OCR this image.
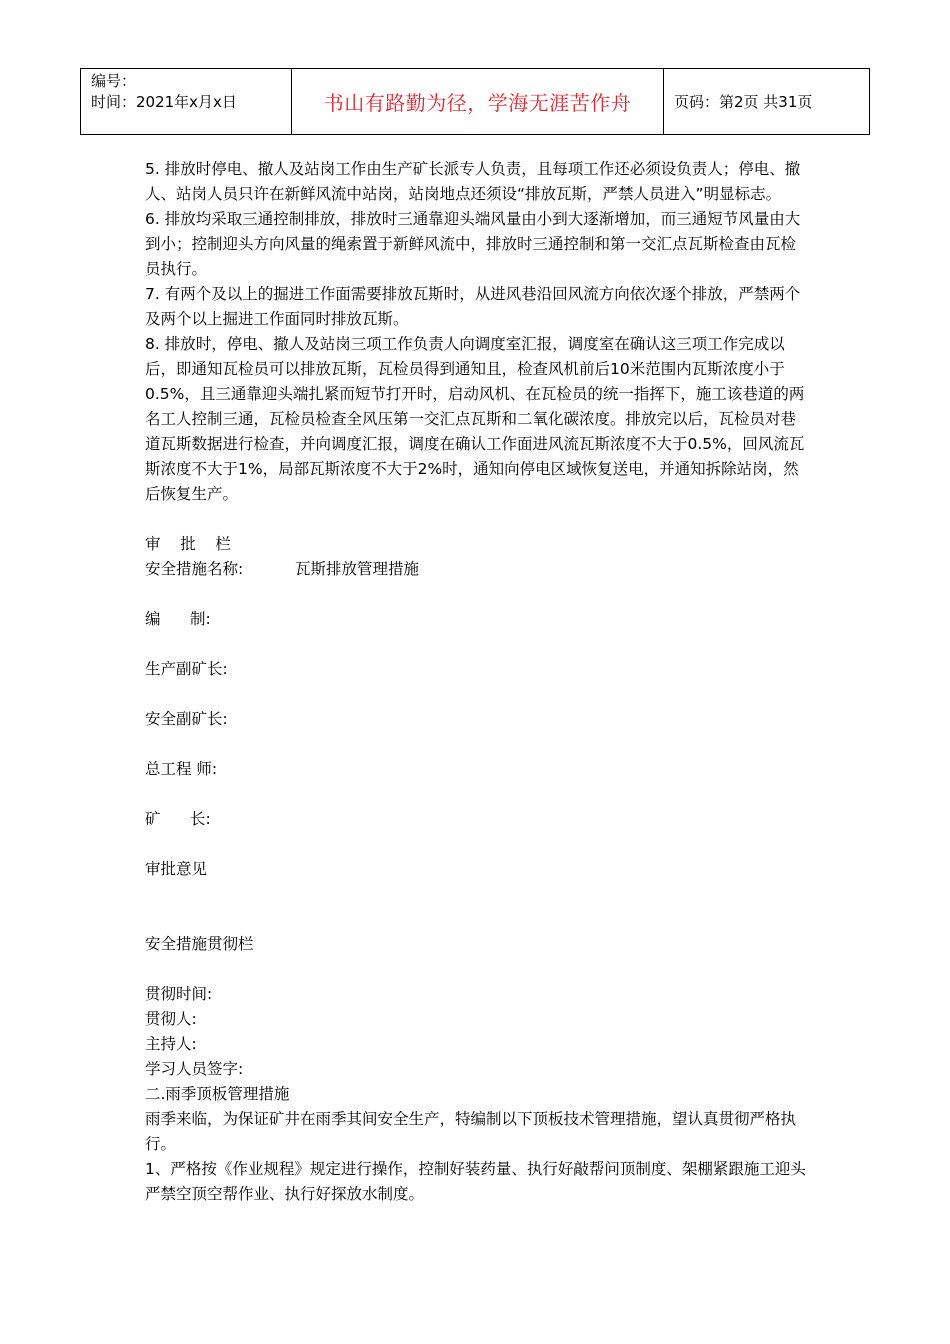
编号：
时间：2021年x月x日	书山有路勤为径，学海无涯苦作舟	页码：第2页 共31页

5. 排放时停电、撤人及站岗工作由生产矿长派专人负责，且每项工作还必须设负责人；停电、撤人、站岗人员只许在新鲜风流中站岗，站岗地点还须设“排放瓦斯，严禁人员进入”明显标志。

6. 排放均采取三通控制排放，排放时三通靠迎头端风量由小到大逐渐增加，而三通短节风量由大到小；控制迎头方向风量的绳索置于新鲜风流中，排放时三通控制和第一交汇点瓦斯检查由瓦检员执行。

7. 有两个及以上的掘进工作面需要排放瓦斯时，从进风巷沿回风流方向依次逐个排放，严禁两个及两个以上掘进工作面同时排放瓦斯。

8. 排放时，停电、撤人及站岗三项工作负责人向调度室汇报，调度室在确认这三项工作完成以后，即通知瓦检员可以排放瓦斯，瓦检员得到通知且，检查风机前后10米范围内瓦斯浓度小于0.5%，且三通靠迎头端扎紧而短节打开时，启动风机、在瓦检员的统一指挥下，施工该巷道的两名工人控制三通，瓦检员检查全风压第一交汇点瓦斯和二氧化碳浓度。排放完以后，瓦检员对巷道瓦斯数据进行检查，并向调度汇报，调度在确认工作面进风流瓦斯浓度不大于0.5%，回风流瓦斯浓度不大于1%，局部瓦斯浓度不大于2%时，通知向停电区域恢复送电，并通知拆除站岗，然后恢复生产。

审    批    栏
安全措施名称:	瓦斯排放管理措施
编      制:
生产副矿长:
安全副矿长:
总工程 师:
矿      长:
审批意见
安全措施贯彻栏
贯彻时间:
贯彻人:
主持人:
学习人员签字:

二.雨季顶板管理措施

雨季来临，为保证矿井在雨季其间安全生产，特编制以下顶板技术管理措施，望认真贯彻严格执行。

1、严格按《作业规程》规定进行操作，控制好装药量、执行好敲帮问顶制度、架棚紧跟施工迎头严禁空顶空帮作业、执行好探放水制度。
